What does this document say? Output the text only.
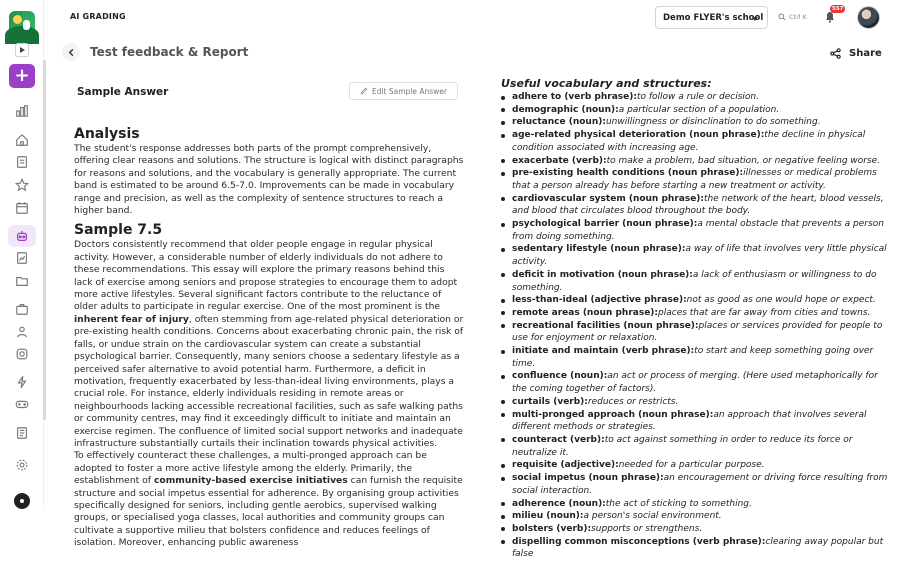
+
AI GRADING	Demo FLYER's school	Ctrl K
557
Test feedback & Report	Share
Sample Answer	Edit Sample Answer
Analysis

The student's response addresses both parts of the prompt comprehensively, offering clear reasons and solutions. The structure is logical with distinct paragraphs for reasons and solutions, and the vocabulary is generally appropriate. The current band is estimated to be around 6.5-7.0. Improvements can be made in vocabulary range and precision, as well as the complexity of sentence structures to reach a higher band.

Sample 7.5

Doctors consistently recommend that older people engage in regular physical activity. However, a considerable number of elderly individuals do not adhere to these recommendations. This essay will explore the primary reasons behind this lack of exercise among seniors and propose strategies to encourage them to adopt more active lifestyles. Several significant factors contribute to the reluctance of older adults to participate in regular exercise. One of the most prominent is the inherent fear of injury, often stemming from age-related physical deterioration or pre-existing health conditions. Concerns about exacerbating chronic pain, the risk of falls, or undue strain on the cardiovascular system can create a substantial psychological barrier. Consequently, many seniors choose a sedentary lifestyle as a perceived safer alternative to avoid potential harm. Furthermore, a deficit in motivation, frequently exacerbated by less-than-ideal living environments, plays a crucial role. For instance, elderly individuals residing in remote areas or neighbourhoods lacking accessible recreational facilities, such as safe walking paths or community centres, may find it exceedingly difficult to initiate and maintain an exercise regimen. The confluence of limited social support networks and inadequate infrastructure substantially curtails their inclination towards physical activities.

To effectively counteract these challenges, a multi-pronged approach can be adopted to foster a more active lifestyle among the elderly. Primarily, the establishment of community-based exercise initiatives can furnish the requisite structure and social impetus essential for adherence. By organising group activities specifically designed for seniors, including gentle aerobics, supervised walking groups, or specialised yoga classes, local authorities and community groups can cultivate a supportive milieu that bolsters confidence and reduces feelings of isolation. Moreover, enhancing public awareness

Useful vocabulary and structures:
adhere to (verb phrase):to follow a rule or decision.
demographic (noun):a particular section of a population.
reluctance (noun):unwillingness or disinclination to do something.
age-related physical deterioration (noun phrase):the decline in physical condition associated with increasing age.
exacerbate (verb):to make a problem, bad situation, or negative feeling worse.
pre-existing health conditions (noun phrase):illnesses or medical problems that a person already has before starting a new treatment or activity.
cardiovascular system (noun phrase):the network of the heart, blood vessels, and blood that circulates blood throughout the body.
psychological barrier (noun phrase):a mental obstacle that prevents a person from doing something.
sedentary lifestyle (noun phrase):a way of life that involves very little physical activity.
deficit in motivation (noun phrase):a lack of enthusiasm or willingness to do something.
less-than-ideal (adjective phrase):not as good as one would hope or expect.
remote areas (noun phrase):places that are far away from cities and towns.
recreational facilities (noun phrase):places or services provided for people to use for enjoyment or relaxation.
initiate and maintain (verb phrase):to start and keep something going over time.
confluence (noun):an act or process of merging. (Here used metaphorically for the coming together of factors).
curtails (verb):reduces or restricts.
multi-pronged approach (noun phrase):an approach that involves several different methods or strategies.
counteract (verb):to act against something in order to reduce its force or neutralize it.
requisite (adjective):needed for a particular purpose.
social impetus (noun phrase):an encouragement or driving force resulting from social interaction.
adherence (noun):the act of sticking to something.
milieu (noun):a person's social environment.
bolsters (verb):supports or strengthens.
dispelling common misconceptions (verb phrase):clearing away popular but false
